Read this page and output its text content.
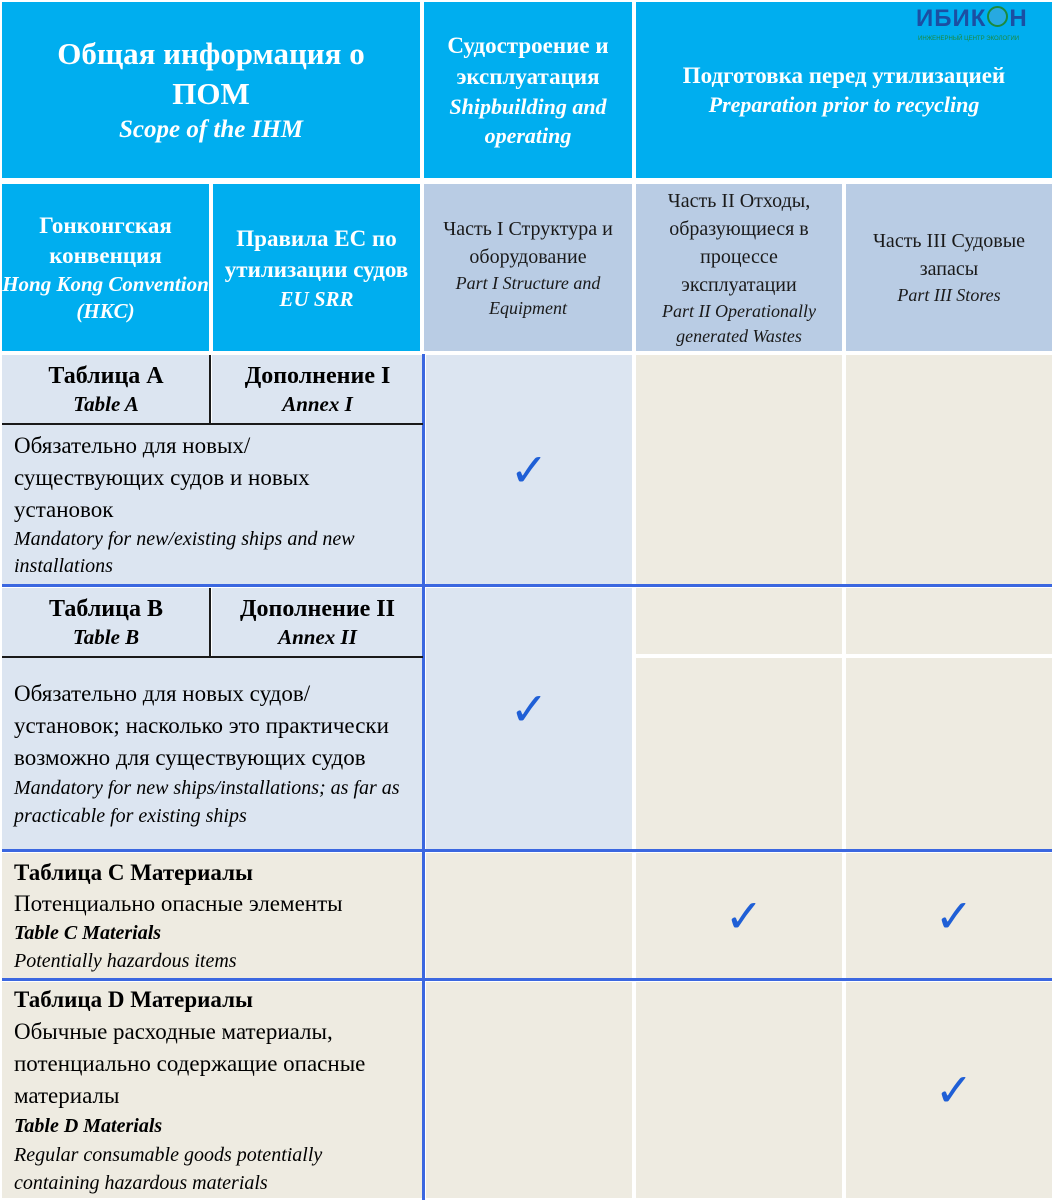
Общая информация о ПОМ
Scope of the IHM
Судостроение и эксплуатация
Shipbuilding and operating
Подготовка перед утилизацией
Preparation prior to recycling
ИБИК Н
ИНЖЕНЕРНЫЙ ЦЕНТР ЭКОЛОГИИ
Гонконгская конвенция
Hong Kong Convention (HKC)
Правила ЕС по утилизации судов
EU SRR
Часть I Структура и оборудование
Part I Structure and Equipment
Часть II Отходы, образующиеся в процессе эксплуатации
Part II Operationally generated Wastes
Часть III Судовые запасы
Part III Stores
Таблица А
Table A
Дополнение I
Annex I
Обязательно для новых/существующих судов и новых установок
Mandatory for new/existing ships and new installations
✓
Таблица В
Table B
Дополнение II
Annex II
Обязательно для новых судов/установок; насколько это практически возможно для существующих судов
Mandatory for new ships/installations; as far as practicable for existing ships
✓
Таблица С Материалы
Потенциально опасные элементы
Table C Materials
Potentially hazardous items
✓	✓
Таблица D Материалы
Обычные расходные материалы, потенциально содержащие опасные материалы
Table D Materials
Regular consumable goods potentially containing hazardous materials
✓
